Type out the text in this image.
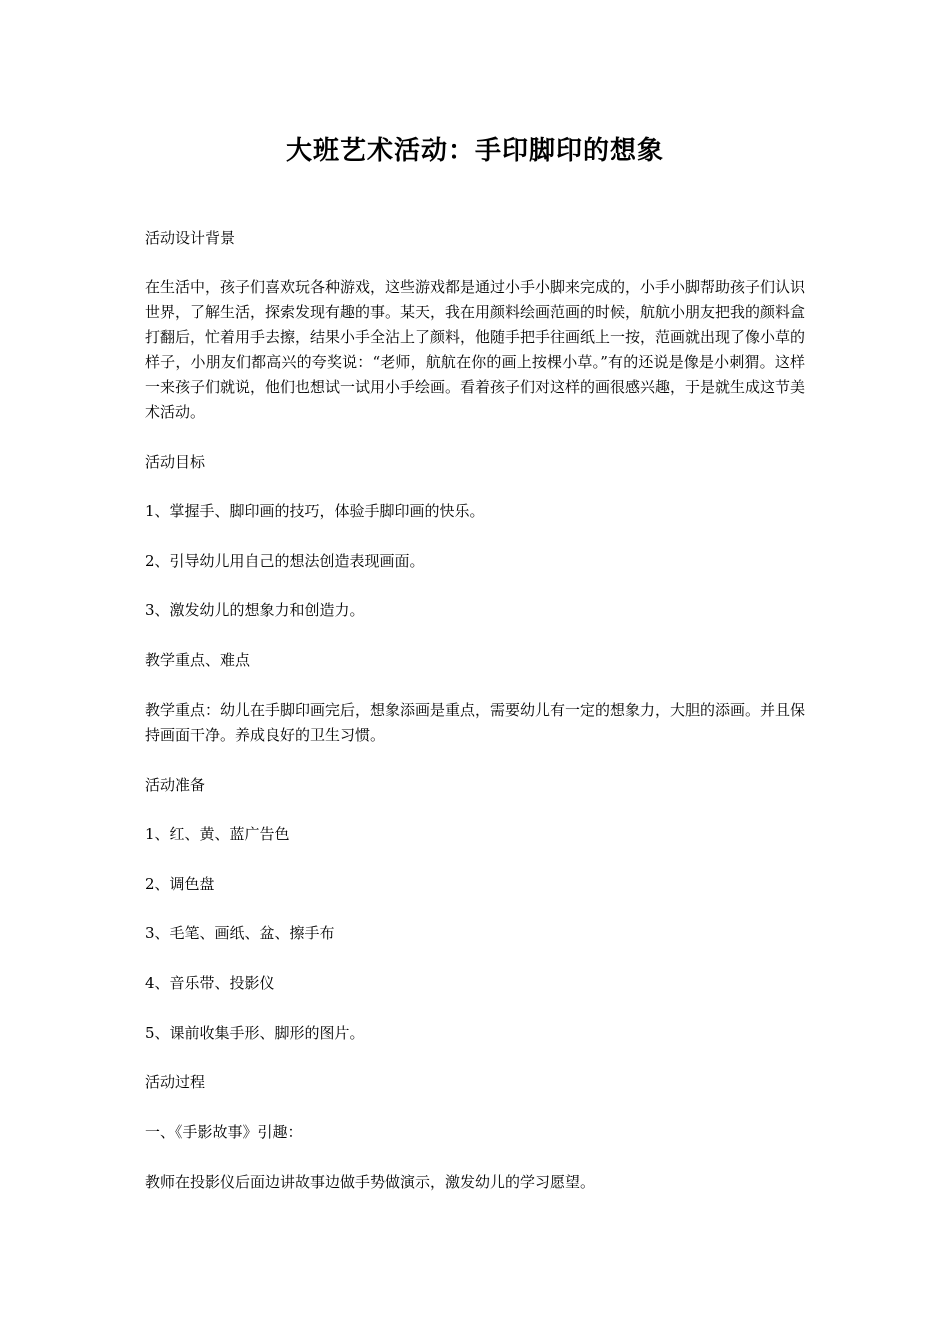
大班艺术活动：手印脚印的想象
活动设计背景
在生活中，孩子们喜欢玩各种游戏，这些游戏都是通过小手小脚来完成的，小手小脚帮助孩子们认识世界，了解生活，探索发现有趣的事。某天，我在用颜料绘画范画的时候，航航小朋友把我的颜料盒打翻后，忙着用手去擦，结果小手全沾上了颜料，他随手把手往画纸上一按，范画就出现了像小草的样子，小朋友们都高兴的夸奖说：“老师，航航在你的画上按棵小草。”有的还说是像是小刺猬。这样一来孩子们就说，他们也想试一试用小手绘画。看着孩子们对这样的画很感兴趣，于是就生成这节美术活动。
活动目标
1、掌握手、脚印画的技巧，体验手脚印画的快乐。
2、引导幼儿用自己的想法创造表现画面。
3、激发幼儿的想象力和创造力。
教学重点、难点
教学重点：幼儿在手脚印画完后，想象添画是重点，需要幼儿有一定的想象力，大胆的添画。并且保持画面干净。养成良好的卫生习惯。
活动准备
1、红、黄、蓝广告色
2、调色盘
3、毛笔、画纸、盆、擦手布
4、音乐带、投影仪
5、课前收集手形、脚形的图片。
活动过程
一、《手影故事》引趣：
教师在投影仪后面边讲故事边做手势做演示，激发幼儿的学习愿望。
